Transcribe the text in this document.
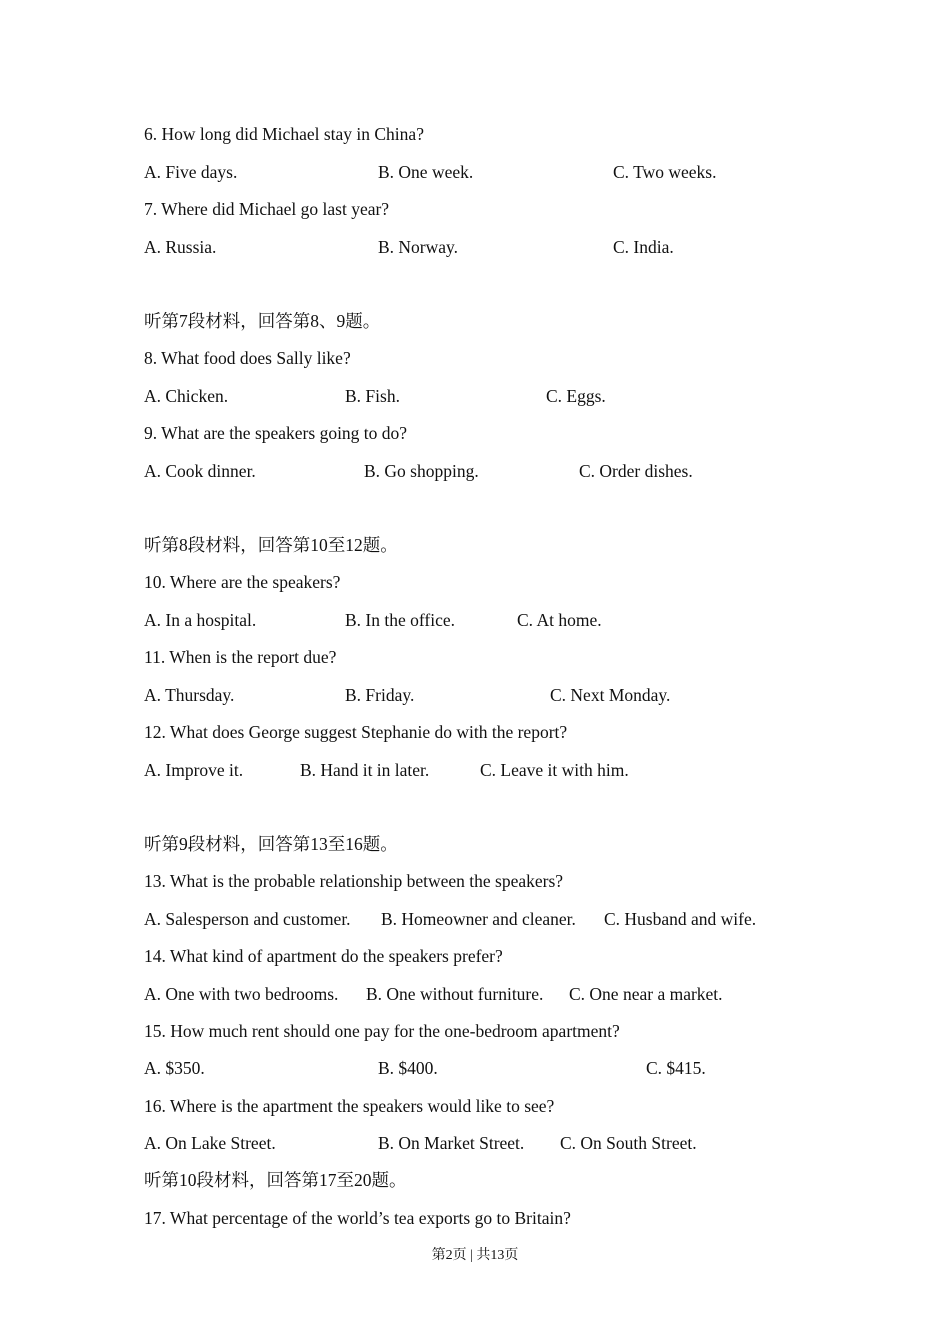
6. How long did Michael stay in China?
A. Five days.	B. One week.	C. Two weeks.
7. Where did Michael go last year?
A. Russia.	B. Norway.	C. India.
听第7段材料，回答第8、9题。
8. What food does Sally like?
A. Chicken.	B. Fish.	C. Eggs.
9. What are the speakers going to do?
A. Cook dinner.	B. Go shopping.	C. Order dishes.
听第8段材料，回答第10至12题。
10. Where are the speakers?
A. In a hospital.	B. In the office.	C. At home.
11. When is the report due?
A. Thursday.	B. Friday.	C. Next Monday.
12. What does George suggest Stephanie do with the report?
A. Improve it.	B. Hand it in later.	C. Leave it with him.
听第9段材料，回答第13至16题。
13. What is the probable relationship between the speakers?
A. Salesperson and customer. B. Homeowner and cleaner. C. Husband and wife.
14. What kind of apartment do the speakers prefer?
A. One with two bedrooms. B. One without furniture. C. One near a market.
15. How much rent should one pay for the one-bedroom apartment?
A. $350.	B. $400.	C. $415.
16. Where is the apartment the speakers would like to see?
A. On Lake Street.	B. On Market Street. C. On South Street.
听第10段材料，回答第17至20题。
17. What percentage of the world’s tea exports go to Britain?
第2页 | 共13页
